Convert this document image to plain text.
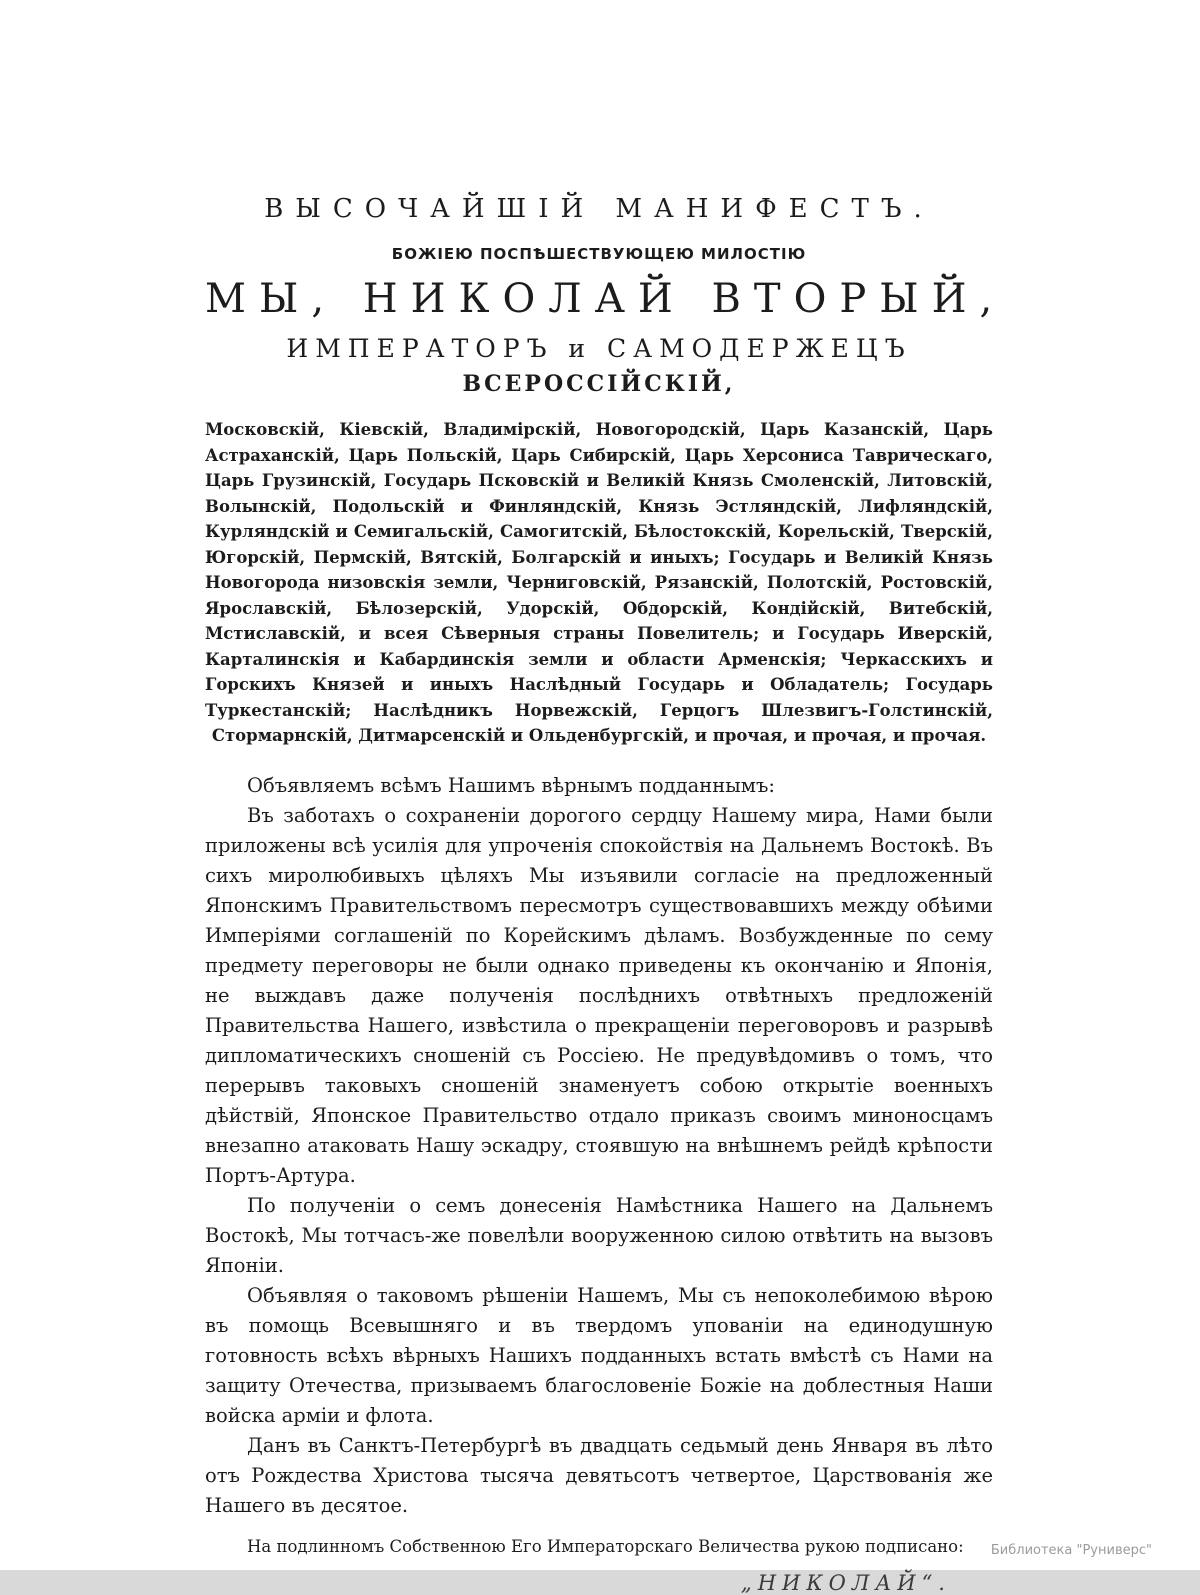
ВЫСОЧАЙШІЙ МАНИФЕСТЪ.
БОЖІЕЮ ПОСПѢШЕСТВУЮЩЕЮ МИЛОСТІЮ
МЫ, НИКОЛАЙ ВТОРЫЙ,
ИМПЕРАТОРЪ и САМОДЕРЖЕЦЪ
ВСЕРОССІЙСКІЙ,

Московскій, Кіевскій, Владимірскій, Новогородскій, Царь Казанскій, Царь Астраханскій, Царь Польскій, Царь Сибирскій, Царь Херсониса Таврическаго, Царь Грузинскій, Государь Псковскій и Великій Князь Смоленскій, Литовскій, Волынскій, Подольскій и Финляндскій, Князь Эстляндскій, Лифляндскій, Курляндскій и Семигальскій, Самогитскій, Бѣлостокскій, Корельскій, Тверскій, Югорскій, Пермскій, Вятскій, Болгарскій и иныхъ; Государь и Великій Князь Новогорода низовскія земли, Черниговскій, Рязанскій, Полотскій, Ростовскій, Ярославскій, Бѣлозерскій, Удорскій, Обдорскій, Кондійскій, Витебскій, Мстиславскій, и всея Сѣверныя страны Повелитель; и Государь Иверскій, Карталинскія и Кабардинскія земли и области Арменскія; Черкасскихъ и Горскихъ Князей и иныхъ Наслѣдный Государь и Обладатель; Государь Туркестанскій; Наслѣдникъ Норвежскій, Герцогъ Шлезвигъ-Голстинскій, Стормарнскій, Дитмарсенскій и Ольденбургскій, и прочая, и прочая, и прочая.

Объявляемъ всѣмъ Нашимъ вѣрнымъ подданнымъ:

Въ заботахъ о сохраненіи дорогого сердцу Нашему мира, Нами были приложены всѣ усилія для упроченія спокойствія на Дальнемъ Востокѣ. Въ сихъ миролюбивыхъ цѣляхъ Мы изъявили согласіе на предложенный Японскимъ Правительствомъ пересмотръ существовавшихъ между обѣими Имперіями соглашеній по Корейскимъ дѣламъ. Возбужденные по сему предмету переговоры не были однако приведены къ окончанію и Японія, не выждавъ даже полученія послѣднихъ отвѣтныхъ предложеній Правительства Нашего, извѣстила о прекращеніи переговоровъ и разрывѣ дипломатическихъ сношеній съ Россіею. Не предувѣдомивъ о томъ, что перерывъ таковыхъ сношеній знаменуетъ собою открытіе военныхъ дѣйствій, Японское Правительство отдало приказъ своимъ миноносцамъ внезапно атаковать Нашу эскадру, стоявшую на внѣшнемъ рейдѣ крѣпости Портъ-Артура.

По полученіи о семъ донесенія Намѣстника Нашего на Дальнемъ Востокѣ, Мы тотчасъ-же повелѣли вооруженною силою отвѣтить на вызовъ Японіи.

Объявляя о таковомъ рѣшеніи Нашемъ, Мы съ непоколебимою вѣрою въ помощь Всевышняго и въ твердомъ упованіи на единодушную готовность всѣхъ вѣрныхъ Нашихъ подданныхъ встать вмѣстѣ съ Нами на защиту Отечества, призываемъ благословеніе Божіе на доблестныя Наши войска арміи и флота.

Данъ въ Санктъ-Петербургѣ въ двадцать седьмый день Января въ лѣто отъ Рождества Христова тысяча девятьсотъ четвертое, Царствованія же Нашего въ десятое.

На подлинномъ Собственною Его Императорскаго Величества рукою подписано:

„НИКОЛАЙ“.
Библиотека "Руниверс"
